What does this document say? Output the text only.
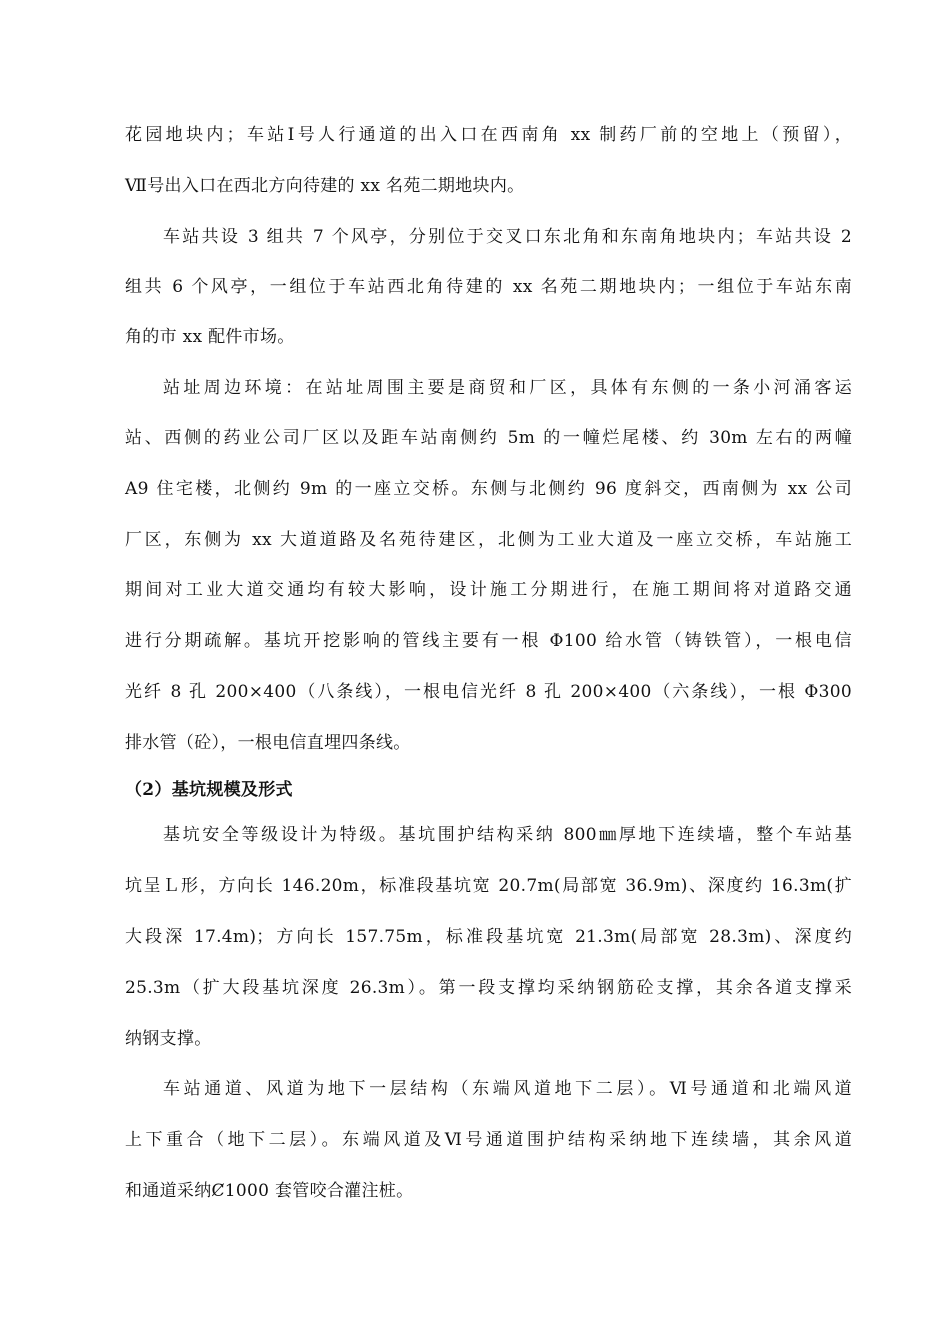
花园地块内；车站Ⅰ号人行通道的出入口在西南角 xx 制药厂前的空地上（预留），
Ⅶ号出入口在西北方向待建的 xx 名苑二期地块内。
车站共设 3 组共 7 个风亭，分别位于交叉口东北角和东南角地块内；车站共设 2
组共 6 个风亭，一组位于车站西北角待建的 xx 名苑二期地块内；一组位于车站东南
角的市 xx 配件市场。
站址周边环境：在站址周围主要是商贸和厂区，具体有东侧的一条小河涌客运
站、西侧的药业公司厂区以及距车站南侧约 5m 的一幢烂尾楼、约 30m 左右的两幢
A9 住宅楼，北侧约 9m 的一座立交桥。东侧与北侧约 96 度斜交，西南侧为 xx 公司
厂区，东侧为 xx 大道道路及名苑待建区，北侧为工业大道及一座立交桥，车站施工
期间对工业大道交通均有较大影响，设计施工分期进行，在施工期间将对道路交通
进行分期疏解。基坑开挖影响的管线主要有一根 Φ100 给水管（铸铁管），一根电信
光纤 8 孔 200×400（八条线），一根电信光纤 8 孔 200×400（六条线），一根 Φ300
排水管（砼），一根电信直埋四条线。
（2）基坑规模及形式
基坑安全等级设计为特级。基坑围护结构采纳 800㎜厚地下连续墙，整个车站基
坑呈Ｌ形，方向长 146.20m，标准段基坑宽 20.7m(局部宽 36.9m)、深度约 16.3m(扩
大段深 17.4m)；方向长 157.75m，标准段基坑宽 21.3m(局部宽 28.3m)、深度约
25.3m（扩大段基坑深度 26.3m）。第一段支撑均采纳钢筋砼支撑，其余各道支撑采
纳钢支撑。
车站通道、风道为地下一层结构（东端风道地下二层）。Ⅵ号通道和北端风道
上下重合（地下二层）。东端风道及Ⅵ号通道围护结构采纳地下连续墙，其余风道
和通道采纳Ȼ1000 套管咬合灌注桩。
